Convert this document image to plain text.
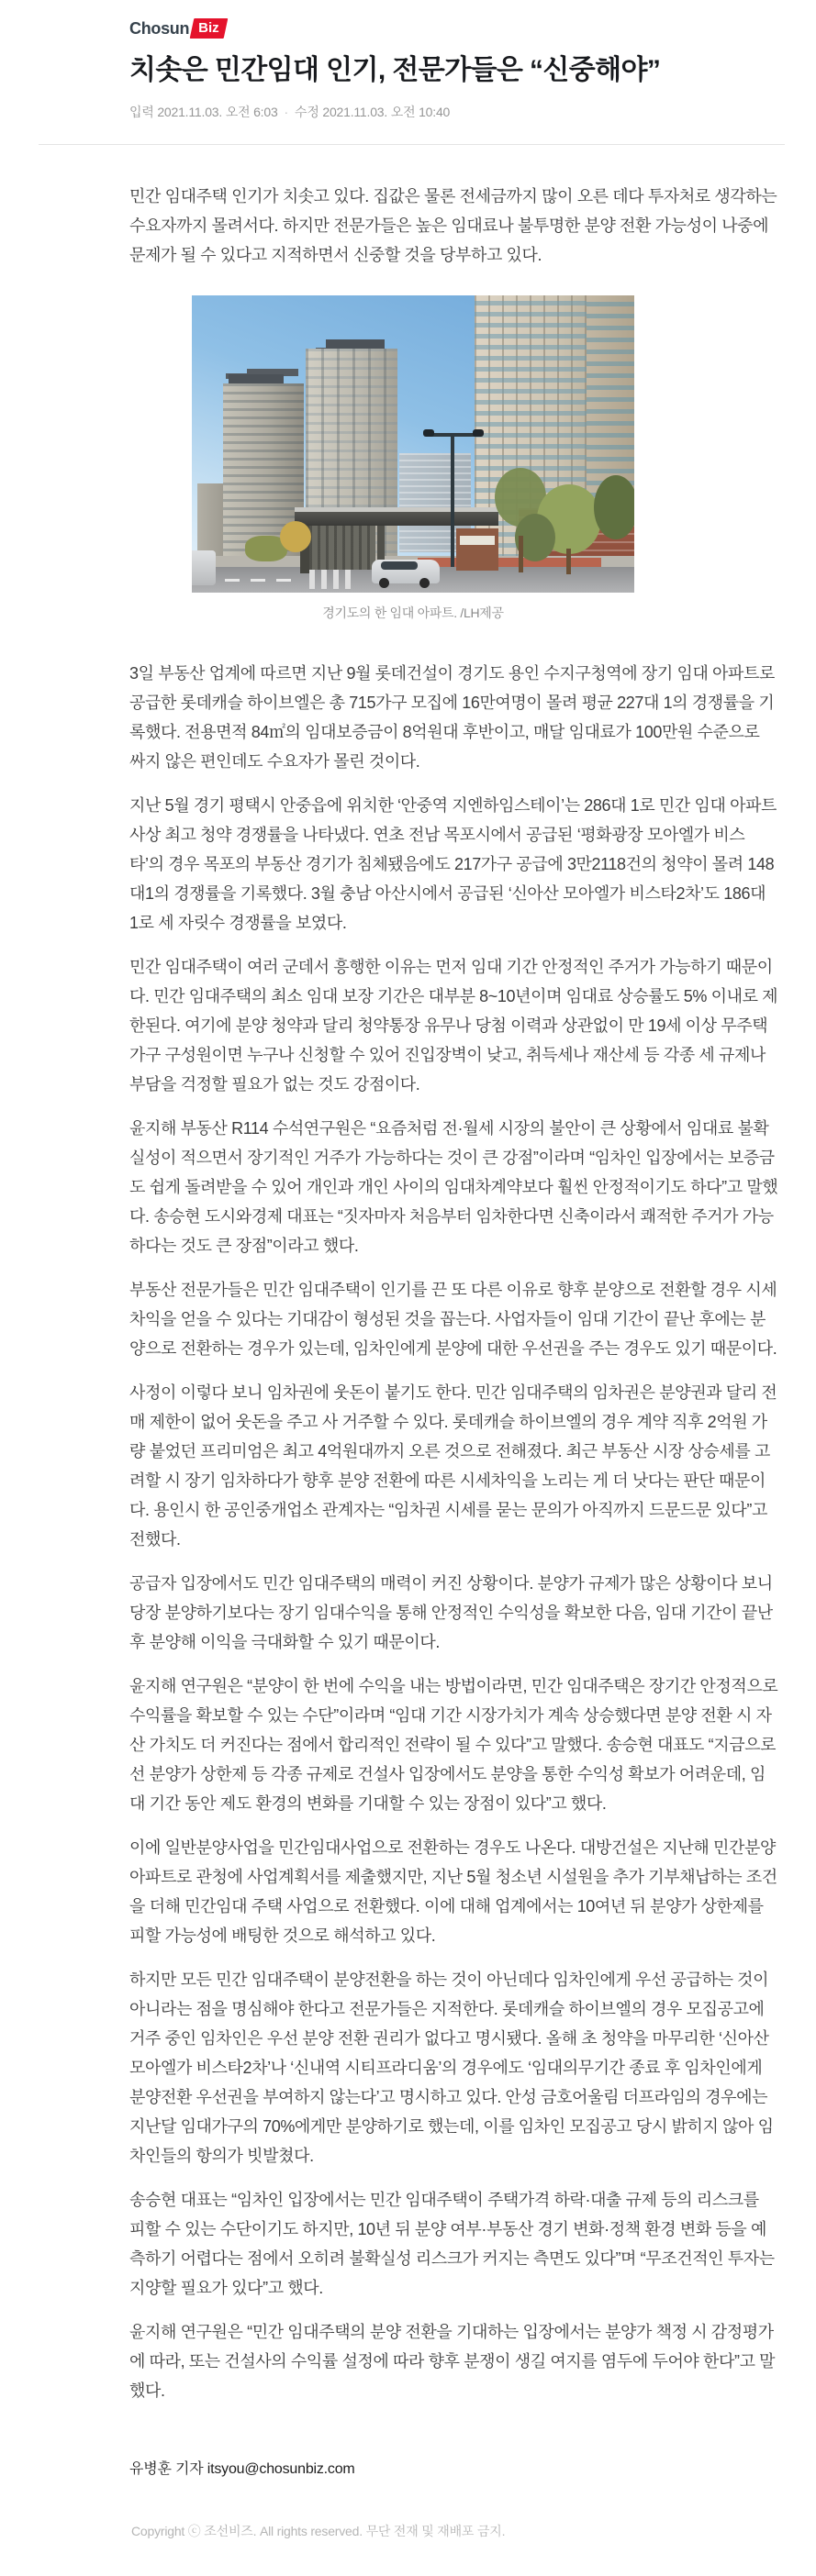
Chosun Biz
치솟은 민간임대 인기, 전문가들은 “신중해야”
입력 2021.11.03. 오전 6:03 · 수정 2021.11.03. 오전 10:40

민간 임대주택 인기가 치솟고 있다. 집값은 물론 전세금까지 많이 오른 데다 투자처로 생각하는 수요자까지 몰려서다. 하지만 전문가들은 높은 임대료나 불투명한 분양 전환 가능성이 나중에 문제가 될 수 있다고 지적하면서 신중할 것을 당부하고 있다.

경기도의 한 임대 아파트. /LH제공

3일 부동산 업계에 따르면 지난 9월 롯데건설이 경기도 용인 수지구청역에 장기 임대 아파트로 공급한 롯데캐슬 하이브엘은 총 715가구 모집에 16만여명이 몰려 평균 227대 1의 경쟁률을 기록했다. 전용면적 84㎡의 임대보증금이 8억원대 후반이고, 매달 임대료가 100만원 수준으로 싸지 않은 편인데도 수요자가 몰린 것이다.

지난 5월 경기 평택시 안중읍에 위치한 ‘안중역 지엔하임스테이’는 286대 1로 민간 임대 아파트 사상 최고 청약 경쟁률을 나타냈다. 연초 전남 목포시에서 공급된 ‘평화광장 모아엘가 비스타’의 경우 목포의 부동산 경기가 침체됐음에도 217가구 공급에 3만2118건의 청약이 몰려 148대1의 경쟁률을 기록했다. 3월 충남 아산시에서 공급된 ‘신아산 모아엘가 비스타2차’도 186대 1로 세 자릿수 경쟁률을 보였다.

민간 임대주택이 여러 군데서 흥행한 이유는 먼저 임대 기간 안정적인 주거가 가능하기 때문이다. 민간 임대주택의 최소 임대 보장 기간은 대부분 8~10년이며 임대료 상승률도 5% 이내로 제한된다. 여기에 분양 청약과 달리 청약통장 유무나 당첨 이력과 상관없이 만 19세 이상 무주택 가구 구성원이면 누구나 신청할 수 있어 진입장벽이 낮고, 취득세나 재산세 등 각종 세 규제나 부담을 걱정할 필요가 없는 것도 강점이다.

윤지해 부동산 R114 수석연구원은 “요즘처럼 전·월세 시장의 불안이 큰 상황에서 임대료 불확실성이 적으면서 장기적인 거주가 가능하다는 것이 큰 강점”이라며 “임차인 입장에서는 보증금도 쉽게 돌려받을 수 있어 개인과 개인 사이의 임대차계약보다 훨씬 안정적이기도 하다”고 말했다. 송승현 도시와경제 대표는 “짓자마자 처음부터 임차한다면 신축이라서 쾌적한 주거가 가능하다는 것도 큰 장점”이라고 했다.

부동산 전문가들은 민간 임대주택이 인기를 끈 또 다른 이유로 향후 분양으로 전환할 경우 시세차익을 얻을 수 있다는 기대감이 형성된 것을 꼽는다. 사업자들이 임대 기간이 끝난 후에는 분양으로 전환하는 경우가 있는데, 임차인에게 분양에 대한 우선권을 주는 경우도 있기 때문이다.

사정이 이렇다 보니 임차권에 웃돈이 붙기도 한다. 민간 임대주택의 임차권은 분양권과 달리 전매 제한이 없어 웃돈을 주고 사 거주할 수 있다. 롯데캐슬 하이브엘의 경우 계약 직후 2억원 가량 붙었던 프리미엄은 최고 4억원대까지 오른 것으로 전해졌다. 최근 부동산 시장 상승세를 고려할 시 장기 임차하다가 향후 분양 전환에 따른 시세차익을 노리는 게 더 낫다는 판단 때문이다. 용인시 한 공인중개업소 관계자는 “임차권 시세를 묻는 문의가 아직까지 드문드문 있다”고 전했다.

공급자 입장에서도 민간 임대주택의 매력이 커진 상황이다. 분양가 규제가 많은 상황이다 보니 당장 분양하기보다는 장기 임대수익을 통해 안정적인 수익성을 확보한 다음, 임대 기간이 끝난 후 분양해 이익을 극대화할 수 있기 때문이다.

윤지해 연구원은 “분양이 한 번에 수익을 내는 방법이라면, 민간 임대주택은 장기간 안정적으로 수익률을 확보할 수 있는 수단”이라며 “임대 기간 시장가치가 계속 상승했다면 분양 전환 시 자산 가치도 더 커진다는 점에서 합리적인 전략이 될 수 있다”고 말했다. 송승현 대표도 “지금으로선 분양가 상한제 등 각종 규제로 건설사 입장에서도 분양을 통한 수익성 확보가 어려운데, 임대 기간 동안 제도 환경의 변화를 기대할 수 있는 장점이 있다”고 했다.

이에 일반분양사업을 민간임대사업으로 전환하는 경우도 나온다. 대방건설은 지난해 민간분양 아파트로 관청에 사업계획서를 제출했지만, 지난 5월 청소년 시설원을 추가 기부채납하는 조건을 더해 민간임대 주택 사업으로 전환했다. 이에 대해 업계에서는 10여년 뒤 분양가 상한제를 피할 가능성에 배팅한 것으로 해석하고 있다.

하지만 모든 민간 임대주택이 분양전환을 하는 것이 아닌데다 임차인에게 우선 공급하는 것이 아니라는 점을 명심해야 한다고 전문가들은 지적한다. 롯데캐슬 하이브엘의 경우 모집공고에 거주 중인 임차인은 우선 분양 전환 권리가 없다고 명시됐다. 올해 초 청약을 마무리한 ‘신아산 모아엘가 비스타2차’나 ‘신내역 시티프라디움’의 경우에도 ‘임대의무기간 종료 후 임차인에게 분양전환 우선권을 부여하지 않는다’고 명시하고 있다. 안성 금호어울림 더프라임의 경우에는 지난달 임대가구의 70%에게만 분양하기로 했는데, 이를 임차인 모집공고 당시 밝히지 않아 임차인들의 항의가 빗발쳤다.

송승현 대표는 “임차인 입장에서는 민간 임대주택이 주택가격 하락·대출 규제 등의 리스크를 피할 수 있는 수단이기도 하지만, 10년 뒤 분양 여부·부동산 경기 변화·정책 환경 변화 등을 예측하기 어렵다는 점에서 오히려 불확실성 리스크가 커지는 측면도 있다”며 “무조건적인 투자는 지양할 필요가 있다”고 했다.

윤지해 연구원은 “민간 임대주택의 분양 전환을 기대하는 입장에서는 분양가 책정 시 감정평가에 따라, 또는 건설사의 수익률 설정에 따라 향후 분쟁이 생길 여지를 염두에 두어야 한다”고 말했다.

유병훈 기자 itsyou@chosunbiz.com
Copyright ⓒ 조선비즈. All rights reserved. 무단 전재 및 재배포 금지.
